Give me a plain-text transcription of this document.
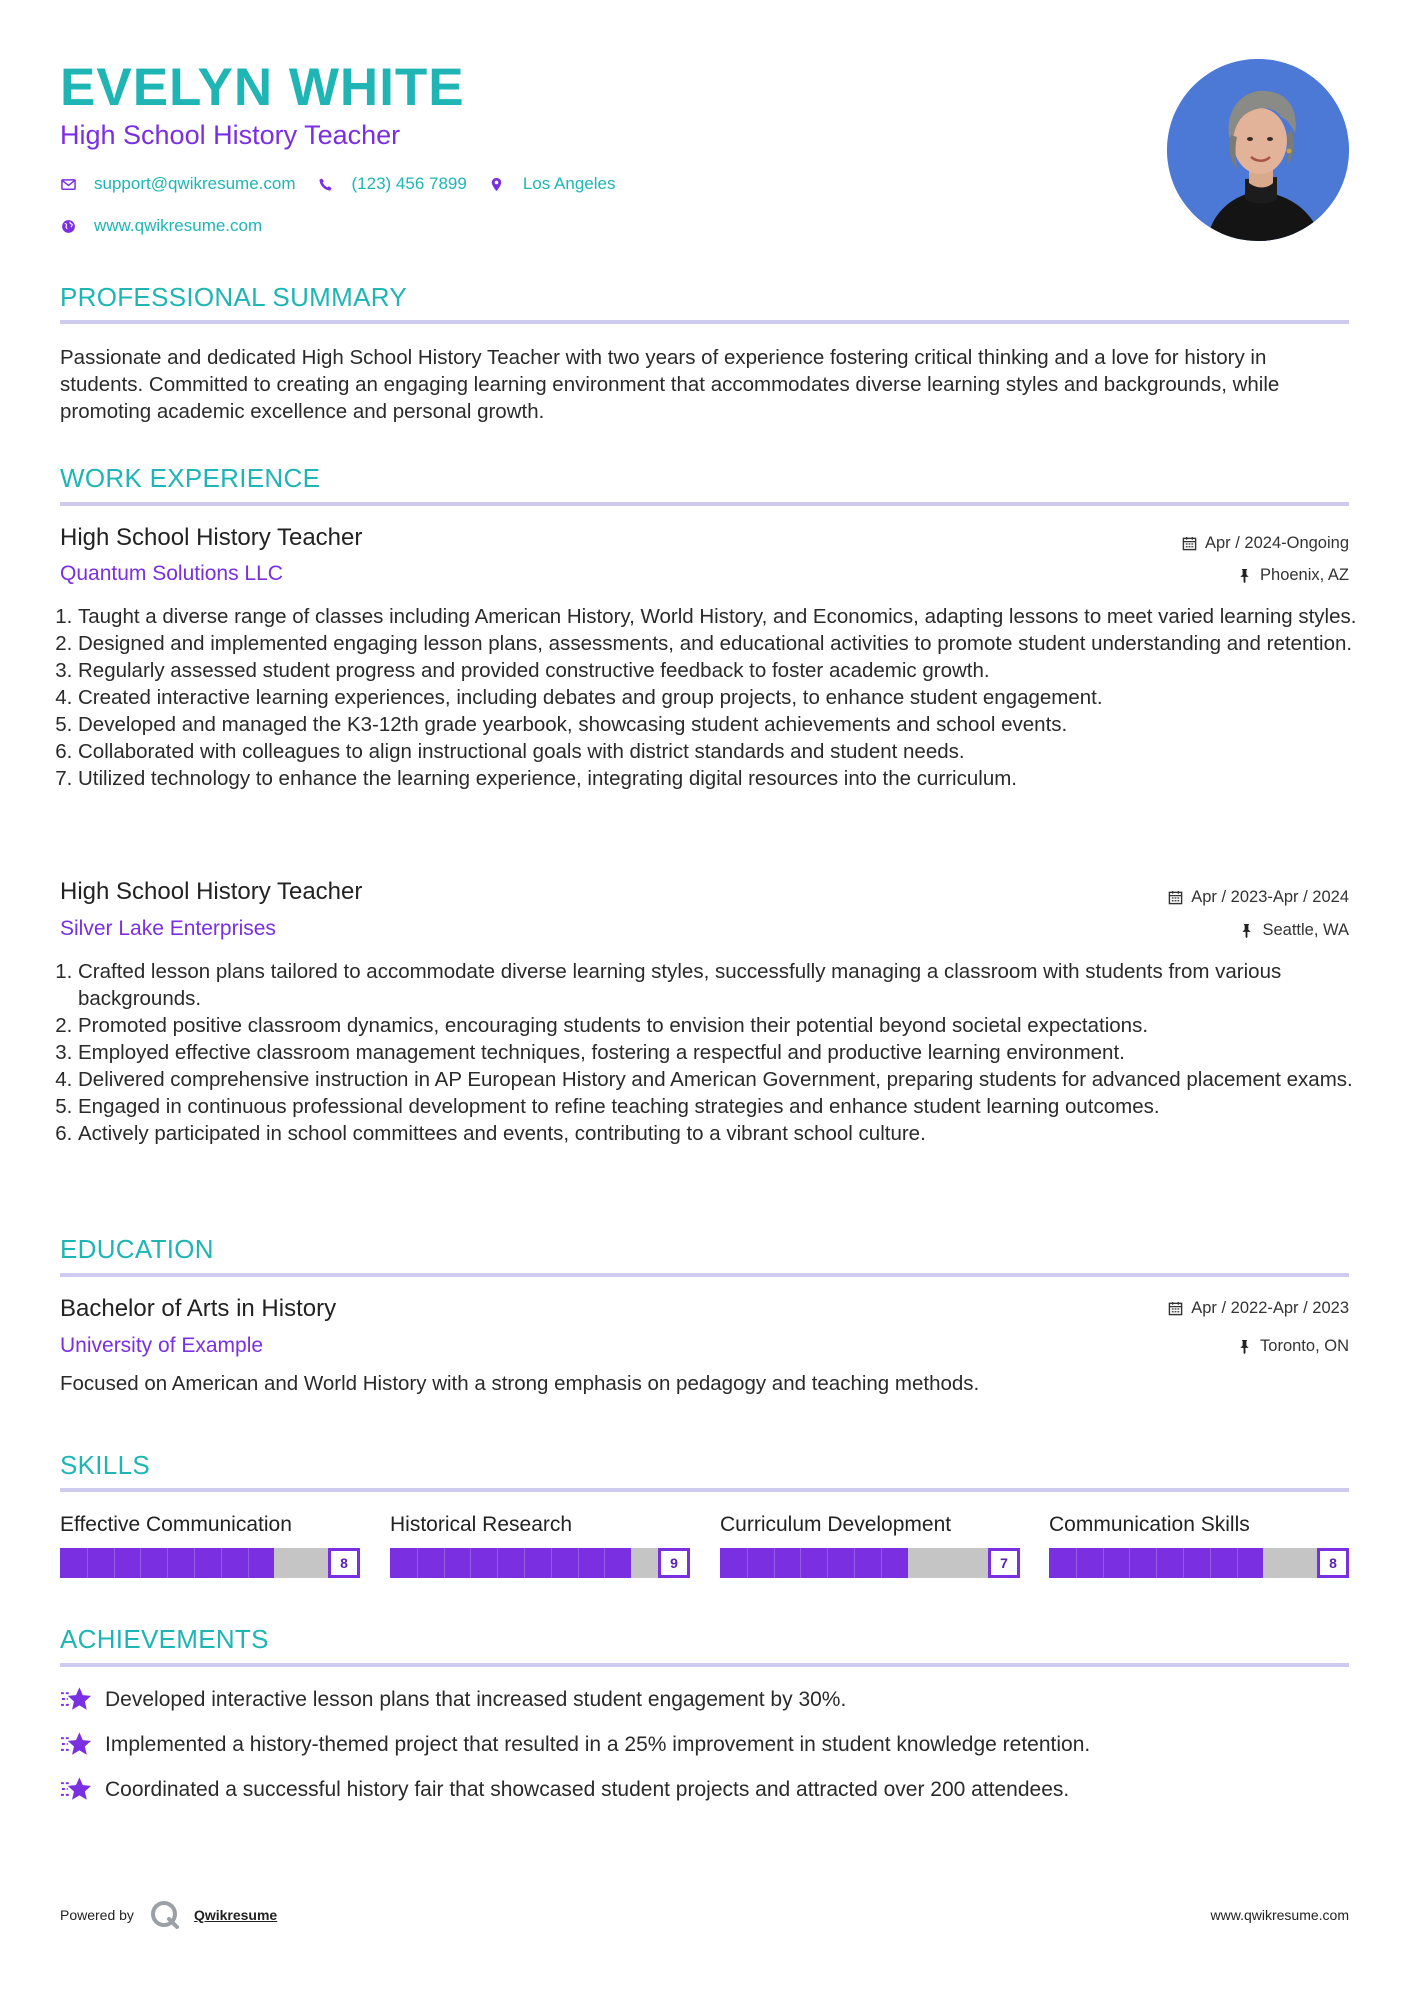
EVELYN WHITE
High School History Teacher
support@qwikresume.com	(123) 456 7899	Los Angeles
www.qwikresume.com
PROFESSIONAL SUMMARY
Passionate and dedicated High School History Teacher with two years of experience fostering critical thinking and a love for history in students. Committed to creating an engaging learning environment that accommodates diverse learning styles and backgrounds, while promoting academic excellence and personal growth.
WORK EXPERIENCE
High School History Teacher
Quantum Solutions LLC
Apr / 2024-Ongoing
Phoenix, AZ
1. Taught a diverse range of classes including American History, World History, and Economics, adapting lessons to meet varied learning styles.
2. Designed and implemented engaging lesson plans, assessments, and educational activities to promote student understanding and retention.
3. Regularly assessed student progress and provided constructive feedback to foster academic growth.
4. Created interactive learning experiences, including debates and group projects, to enhance student engagement.
5. Developed and managed the K3-12th grade yearbook, showcasing student achievements and school events.
6. Collaborated with colleagues to align instructional goals with district standards and student needs.
7. Utilized technology to enhance the learning experience, integrating digital resources into the curriculum.
High School History Teacher
Silver Lake Enterprises
Apr / 2023-Apr / 2024
Seattle, WA
1. Crafted lesson plans tailored to accommodate diverse learning styles, successfully managing a classroom with students from various backgrounds.
2. Promoted positive classroom dynamics, encouraging students to envision their potential beyond societal expectations.
3. Employed effective classroom management techniques, fostering a respectful and productive learning environment.
4. Delivered comprehensive instruction in AP European History and American Government, preparing students for advanced placement exams.
5. Engaged in continuous professional development to refine teaching strategies and enhance student learning outcomes.
6. Actively participated in school committees and events, contributing to a vibrant school culture.
EDUCATION
Bachelor of Arts in History
University of Example
Apr / 2022-Apr / 2023
Toronto, ON
Focused on American and World History with a strong emphasis on pedagogy and teaching methods.
SKILLS
Effective Communication
8
Historical Research
9
Curriculum Development
7
Communication Skills
8
ACHIEVEMENTS
Developed interactive lesson plans that increased student engagement by 30%.
Implemented a history-themed project that resulted in a 25% improvement in student knowledge retention.
Coordinated a successful history fair that showcased student projects and attracted over 200 attendees.
Powered by	Qwikresume	www.qwikresume.com
